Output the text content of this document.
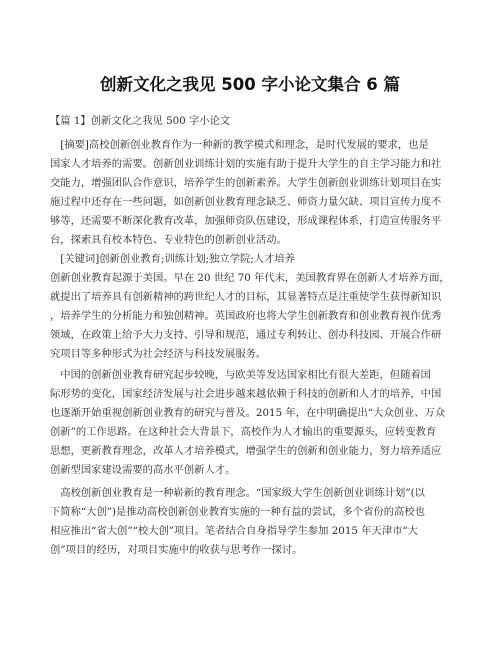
创新文化之我见 500 字小论文集合 6 篇
【篇 1】创新文化之我见 500 字小论文
　[摘要]高校创新创业教育作为一种新的教学模式和理念，是时代发展的要求，也是
国家人才培养的需要。创新创业训练计划的实施有助于提升大学生的自主学习能力和社
交能力，增强团队合作意识，培养学生的创新素养。大学生创新创业训练计划项目在实
施过程中还存在一些问题，如创新创业教育理念缺乏、师资力量欠缺、项目宣传力度不
够等，还需要不断深化教育改革，加强师资队伍建设，形成课程体系，打造宣传服务平
台，探索具有校本特色、专业特色的创新创业活动。
　[关键词]创新创业教育;训练计划;独立学院;人才培养
创新创业教育起源于美国。早在 20 世纪 70 年代末，美国教育界在创新人才培养方面，
就提出了培养具有创新精神的跨世纪人才的目标，其显著特点是注重使学生获得新知识
，培养学生的分析能力和独创精神。英国政府也将大学生创新教育和创业教育视作优秀
领域，在政策上给予大力支持、引导和规范，通过专利转让、创办科技园、开展合作研
究项目等多种形式为社会经济与科技发展服务。
　中国的创新创业教育研究起步较晚，与欧美等发达国家相比有很大差距，但随着国
际形势的变化，国家经济发展与社会进步越来越依赖于科技的创新和人才的培养，中国
也逐渐开始重视创新创业教育的研究与普及。2015 年，在中明确提出“大众创业、万众
创新”的工作思路。在这种社会大背景下，高校作为人才输出的重要源头，应转变教育
思想，更新教育理念，改革人才培养模式，增强学生的创新和创业能力，努力培养适应
创新型国家建设需要的高水平创新人才。
　高校创新创业教育是一种崭新的教育理念。“国家级大学生创新创业训练计划”(以
下简称“大创”)是推动高校创新创业教育实施的一种有益的尝试，多个省份的高校也
相应推出“省大创”“校大创”项目。笔者结合自身指导学生参加 2015 年天津市“大
创”项目的经历，对项目实施中的收获与思考作一探讨。
